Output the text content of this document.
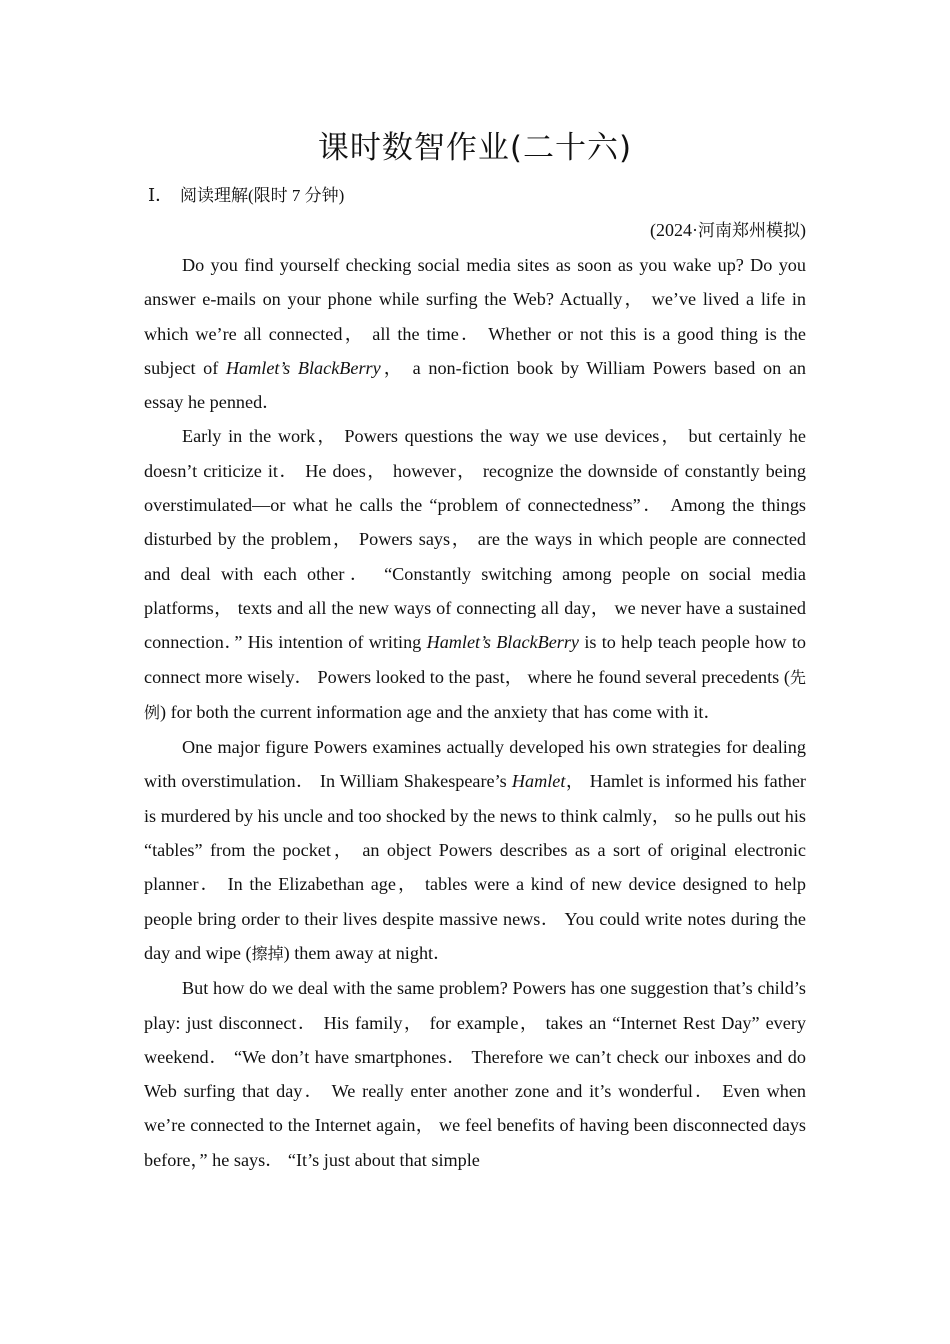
课时数智作业(二十六)
Ⅰ． 阅读理解(限时 7 分钟)
(2024·河南郑州模拟)

Do you find yourself checking social media sites as soon as you wake up? Do you answer e-mails on your phone while surfing the Web? Actually， we’ve lived a life in which we’re all connected， all the time． Whether or not this is a good thing is the subject of Hamlet’s BlackBerry， a non-fiction book by William Powers based on an essay he penned．

Early in the work， Powers questions the way we use devices， but certainly he doesn’t criticize it． He does， however， recognize the downside of constantly being overstimulated—or what he calls the “problem of connectedness”． Among the things disturbed by the problem， Powers says， are the ways in which people are connected and deal with each other． “Constantly switching among people on social media platforms， texts and all the new ways of connecting all day， we never have a sustained connection．” His intention of writing Hamlet’s BlackBerry is to help teach people how to connect more wisely． Powers looked to the past， where he found several precedents (先例) for both the current information age and the anxiety that has come with it．

One major figure Powers examines actually developed his own strategies for dealing with overstimulation． In William Shakespeare’s Hamlet， Hamlet is informed his father is murdered by his uncle and too shocked by the news to think calmly， so he pulls out his “tables” from the pocket， an object Powers describes as a sort of original electronic planner． In the Elizabethan age， tables were a kind of new device designed to help people bring order to their lives despite massive news． You could write notes during the day and wipe (擦掉) them away at night．

But how do we deal with the same problem? Powers has one suggestion that’s child’s play: just disconnect． His family， for example， takes an “Internet Rest Day” every weekend． “We don’t have smartphones． Therefore we can’t check our inboxes and do Web surfing that day． We really enter another zone and it’s wonderful． Even when we’re connected to the Internet again， we feel benefits of having been disconnected days before，” he says． “It’s just about that simple
